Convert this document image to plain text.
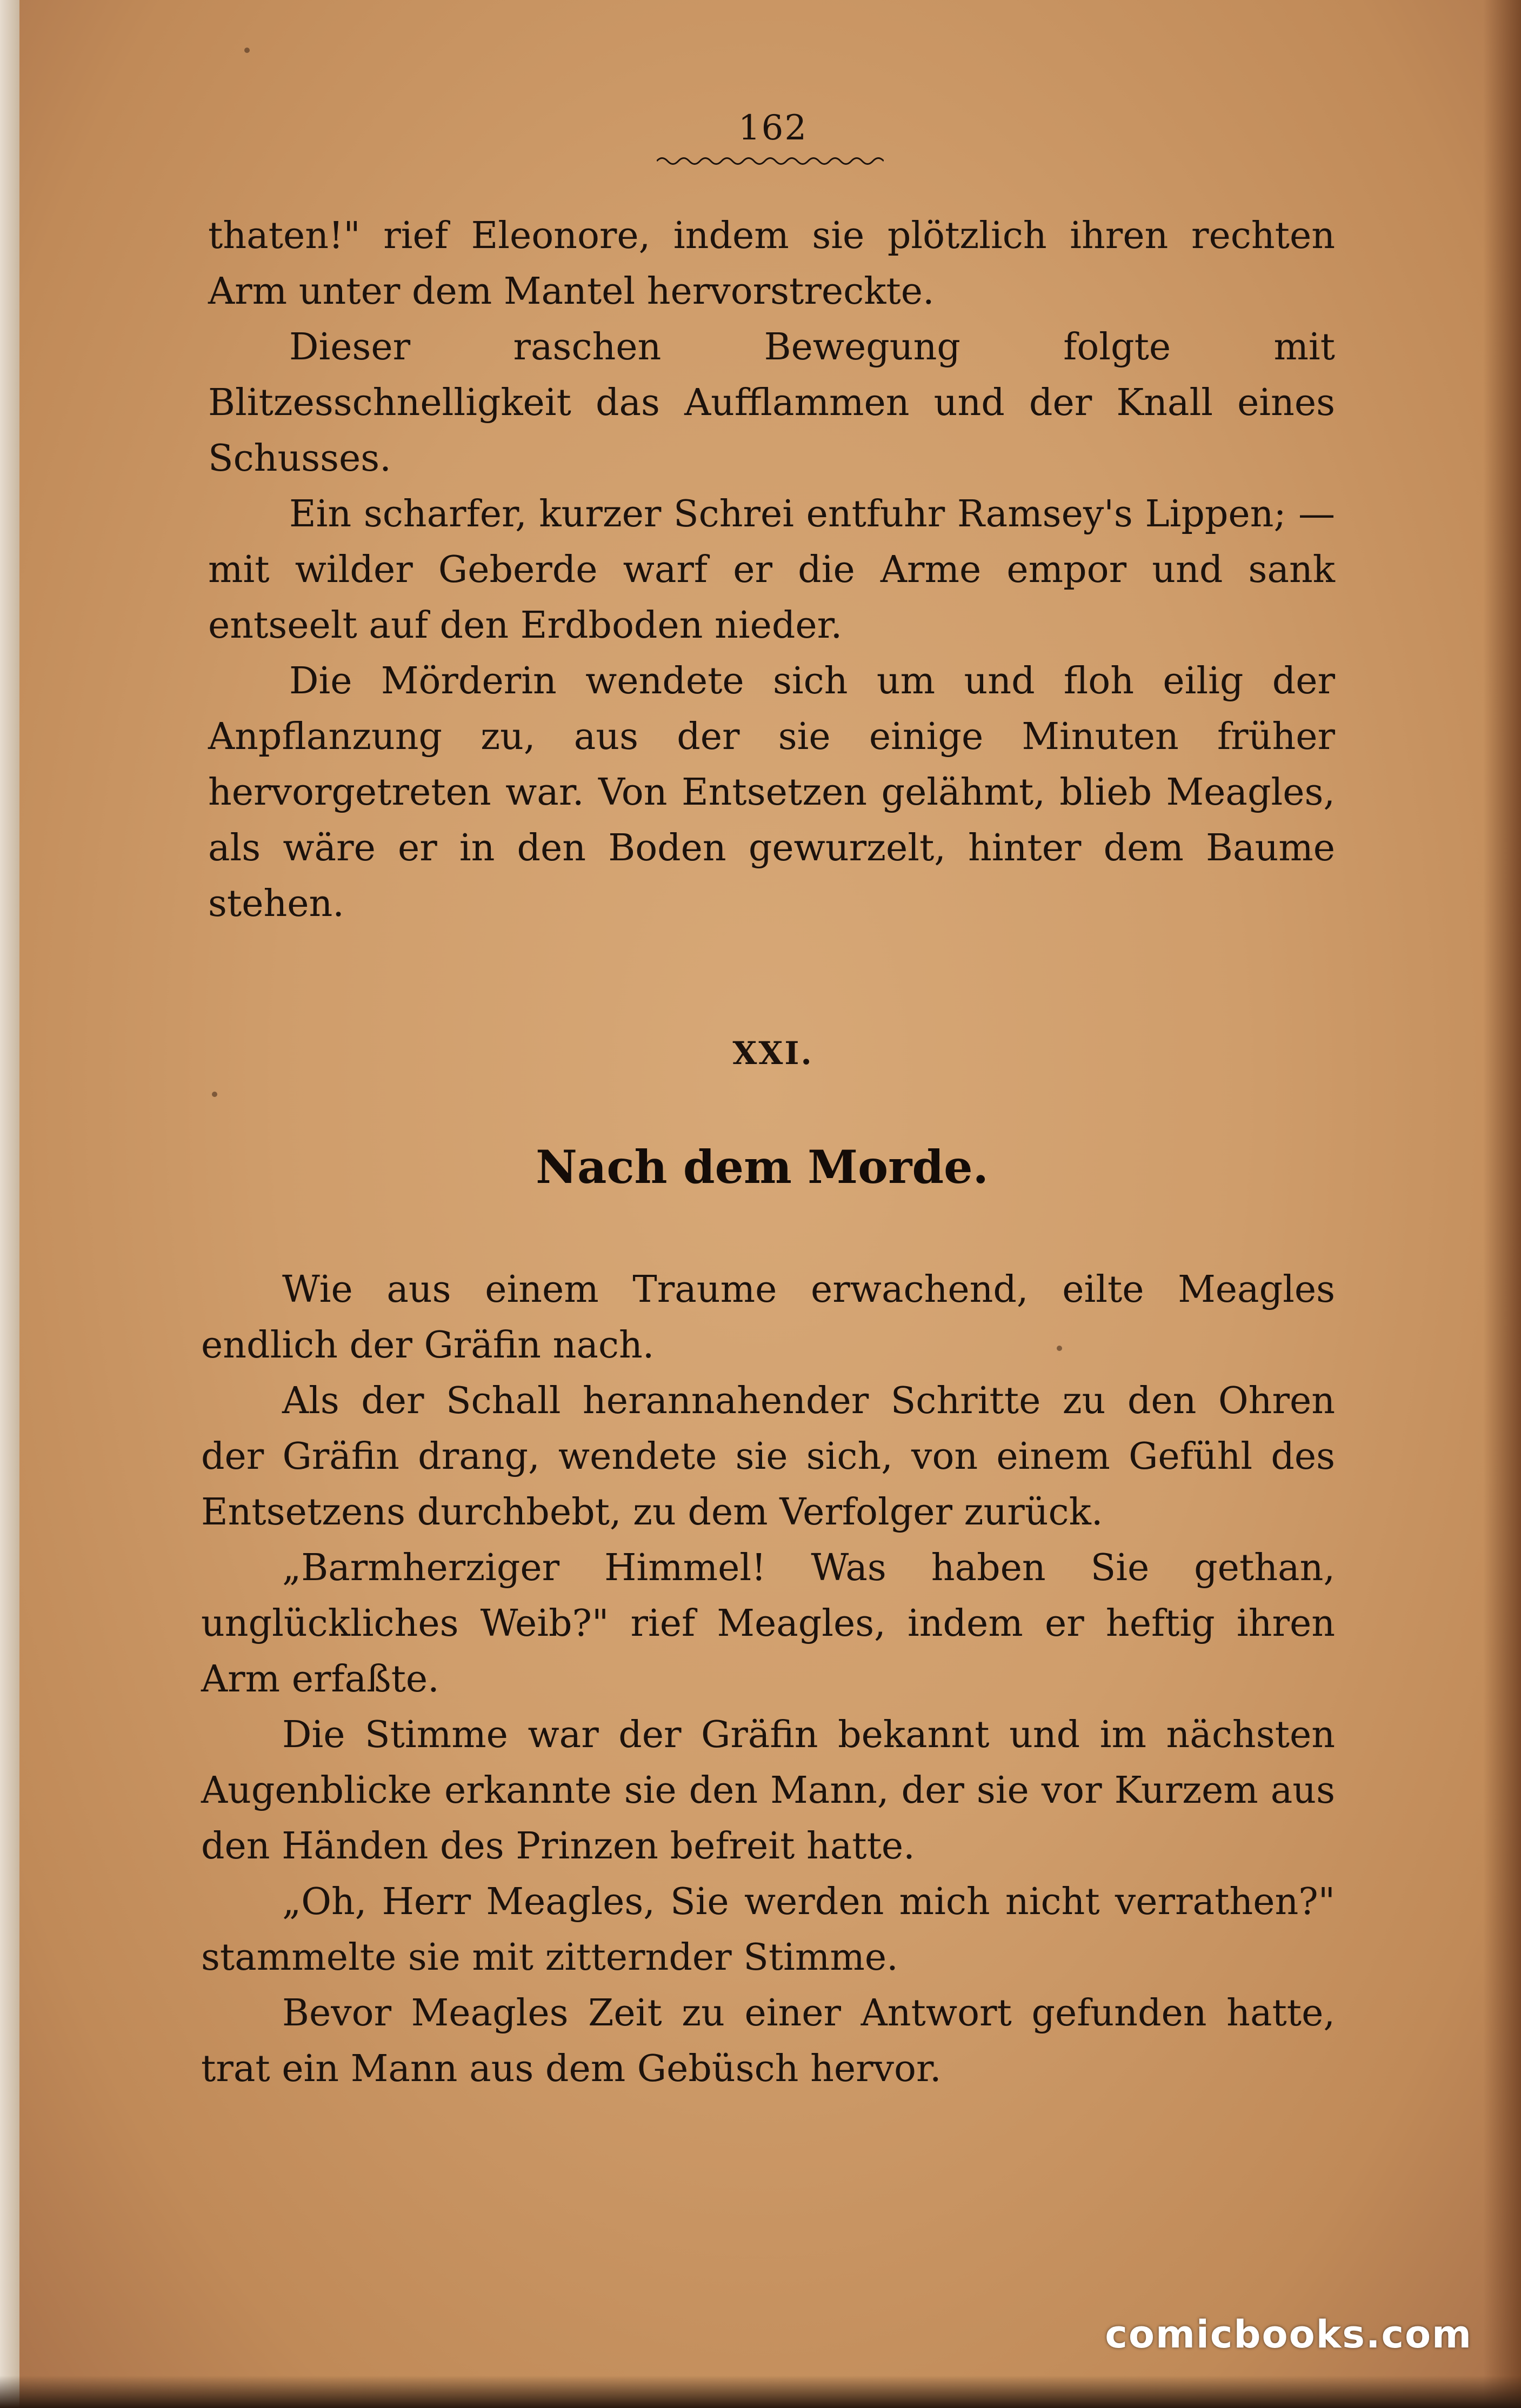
162

thaten!" rief Eleonore, indem sie plötzlich ihren rechten Arm unter dem Mantel hervorstreckte.

Dieser raschen Bewegung folgte mit Blitzesschnelligkeit das Aufflammen und der Knall eines Schusses.

Ein scharfer, kurzer Schrei entfuhr Ramsey's Lippen; — mit wilder Geberde warf er die Arme empor und sank entseelt auf den Erdboden nieder.

Die Mörderin wendete sich um und floh eilig der Anpflanzung zu, aus der sie einige Minuten früher hervorgetreten war. Von Entsetzen gelähmt, blieb Meagles, als wäre er in den Boden gewurzelt, hinter dem Baume stehen.

XXI.
Nach dem Morde.

Wie aus einem Traume erwachend, eilte Meagles endlich der Gräfin nach.

Als der Schall herannahender Schritte zu den Ohren der Gräfin drang, wendete sie sich, von einem Gefühl des Entsetzens durchbebt, zu dem Verfolger zurück.

„Barmherziger Himmel! Was haben Sie gethan, unglückliches Weib?" rief Meagles, indem er heftig ihren Arm erfaßte.

Die Stimme war der Gräfin bekannt und im nächsten Augenblicke erkannte sie den Mann, der sie vor Kurzem aus den Händen des Prinzen befreit hatte.

„Oh, Herr Meagles, Sie werden mich nicht verrathen?" stammelte sie mit zitternder Stimme.

Bevor Meagles Zeit zu einer Antwort gefunden hatte, trat ein Mann aus dem Gebüsch hervor.

comicbooks.com
